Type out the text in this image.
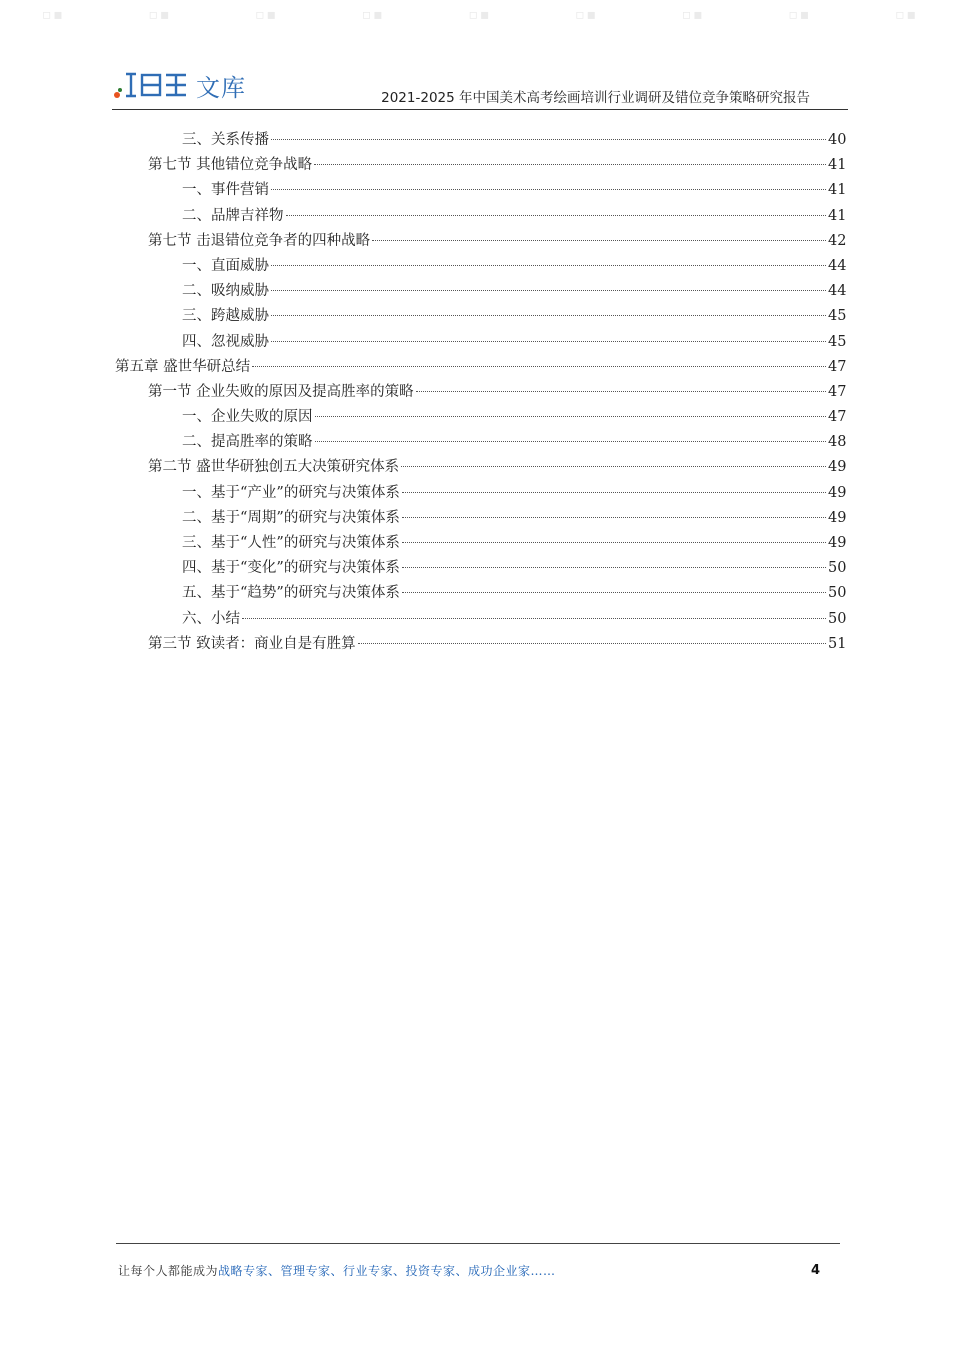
▫▪	▫▪	▫▪	▫▪	▫▪	▫▪	▫▪	▫▪	▫▪
文库	2021-2025 年中国美术高考绘画培训行业调研及错位竞争策略研究报告
三、关系传播	40
第七节 其他错位竞争战略	41
一、事件营销	41
二、品牌吉祥物	41
第七节 击退错位竞争者的四种战略	42
一、直面威胁	44
二、吸纳威胁	44
三、跨越威胁	45
四、忽视威胁	45
第五章 盛世华研总结	47
第一节 企业失败的原因及提高胜率的策略	47
一、企业失败的原因	47
二、提高胜率的策略	48
第二节 盛世华研独创五大决策研究体系	49
一、基于“产业”的研究与决策体系	49
二、基于“周期”的研究与决策体系	49
三、基于“人性”的研究与决策体系	49
四、基于“变化”的研究与决策体系	50
五、基于“趋势”的研究与决策体系	50
六、小结	50
第三节 致读者：商业自是有胜算	51
让每个人都能成为战略专家、管理专家、行业专家、投资专家、成功企业家……	4
